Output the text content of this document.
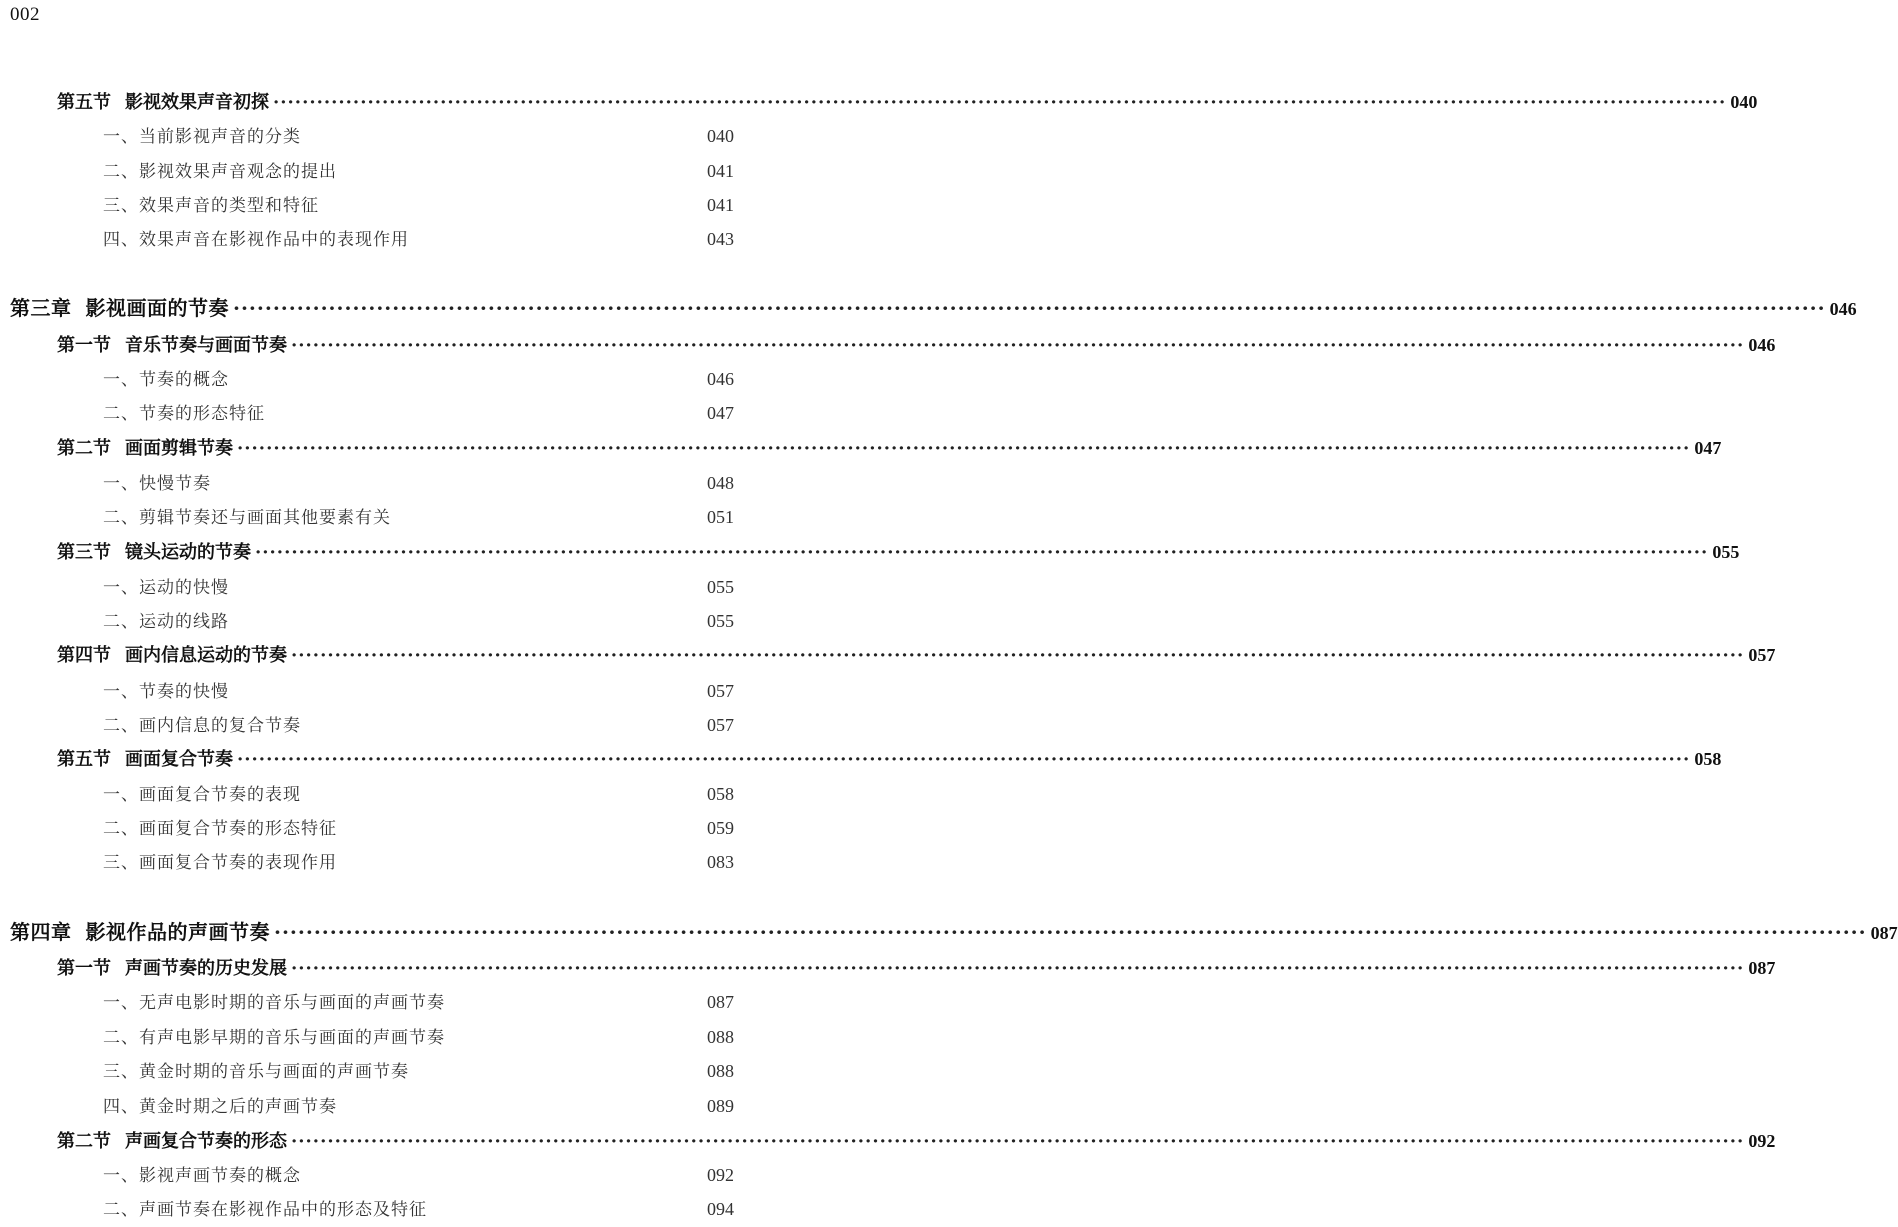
002
第五节 影视效果声音初探 ········································································································································································································ 040
一、当前影视声音的分类	040
二、影视效果声音观念的提出	041
三、效果声音的类型和特征	041
四、效果声音在影视作品中的表现作用	043
第三章 影视画面的节奏 ········································································································································································································ 046
第一节 音乐节奏与画面节奏 ········································································································································································································ 046
一、节奏的概念	046
二、节奏的形态特征	047
第二节 画面剪辑节奏 ········································································································································································································ 047
一、快慢节奏	048
二、剪辑节奏还与画面其他要素有关	051
第三节 镜头运动的节奏 ········································································································································································································ 055
一、运动的快慢	055
二、运动的线路	055
第四节 画内信息运动的节奏 ········································································································································································································ 057
一、节奏的快慢	057
二、画内信息的复合节奏	057
第五节 画面复合节奏 ········································································································································································································ 058
一、画面复合节奏的表现	058
二、画面复合节奏的形态特征	059
三、画面复合节奏的表现作用	083
第四章 影视作品的声画节奏 ········································································································································································································ 087
第一节 声画节奏的历史发展 ········································································································································································································ 087
一、无声电影时期的音乐与画面的声画节奏	087
二、有声电影早期的音乐与画面的声画节奏	088
三、黄金时期的音乐与画面的声画节奏	088
四、黄金时期之后的声画节奏	089
第二节 声画复合节奏的形态 ········································································································································································································ 092
一、影视声画节奏的概念	092
二、声画节奏在影视作品中的形态及特征	094
